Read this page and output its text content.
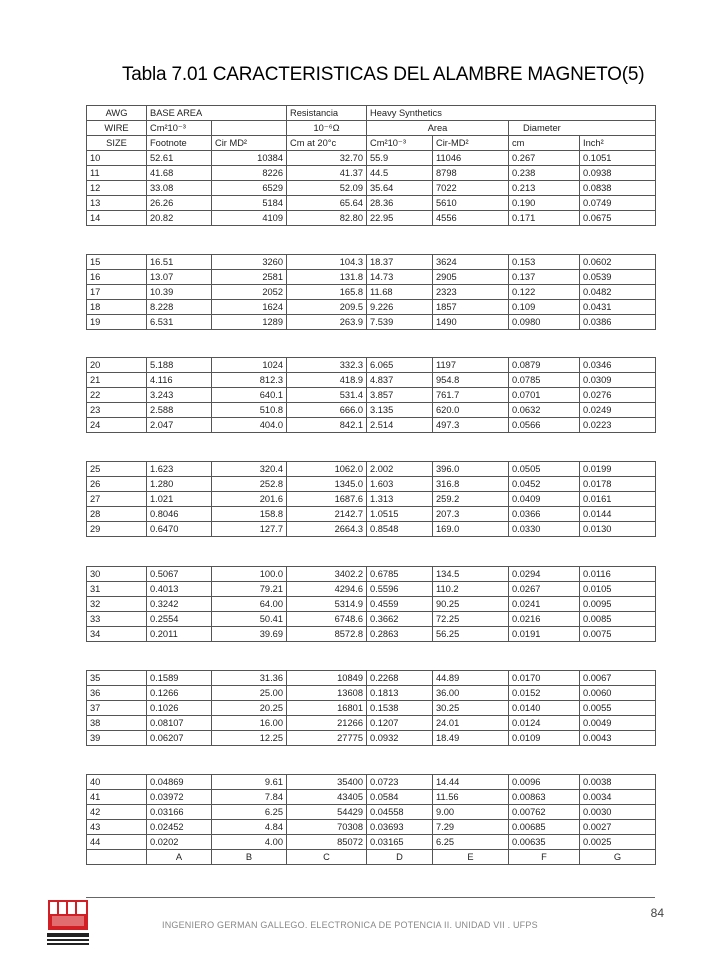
Tabla 7.01 CARACTERISTICAS DEL ALAMBRE MAGNETO(5)
AWG	BASE AREA		Resistancia	Heavy Synthetics			
WIRE	Cm²10⁻³		10⁻⁶Ω	Area		Diameter	
SIZE	Footnote	Cir MD²	Cm at 20°c	Cm²10⁻³	Cir-MD²	cm	Inch²
10	52.61	10384	32.70	55.9	11046	0.267	0.1051
11	41.68	8226	41.37	44.5	8798	0.238	0.0938
12	33.08	6529	52.09	35.64	7022	0.213	0.0838
13	26.26	5184	65.64	28.36	5610	0.190	0.0749
14	20.82	4109	82.80	22.95	4556	0.171	0.0675
15	16.51	3260	104.3	18.37	3624	0.153	0.0602
16	13.07	2581	131.8	14.73	2905	0.137	0.0539
17	10.39	2052	165.8	11.68	2323	0.122	0.0482
18	8.228	1624	209.5	9.226	1857	0.109	0.0431
19	6.531	1289	263.9	7.539	1490	0.0980	0.0386
20	5.188	1024	332.3	6.065	1197	0.0879	0.0346
21	4.116	812.3	418.9	4.837	954.8	0.0785	0.0309
22	3.243	640.1	531.4	3.857	761.7	0.0701	0.0276
23	2.588	510.8	666.0	3.135	620.0	0.0632	0.0249
24	2.047	404.0	842.1	2.514	497.3	0.0566	0.0223
25	1.623	320.4	1062.0	2.002	396.0	0.0505	0.0199
26	1.280	252.8	1345.0	1.603	316.8	0.0452	0.0178
27	1.021	201.6	1687.6	1.313	259.2	0.0409	0.0161
28	0.8046	158.8	2142.7	1.0515	207.3	0.0366	0.0144
29	0.6470	127.7	2664.3	0.8548	169.0	0.0330	0.0130
30	0.5067	100.0	3402.2	0.6785	134.5	0.0294	0.0116
31	0.4013	79.21	4294.6	0.5596	110.2	0.0267	0.0105
32	0.3242	64.00	5314.9	0.4559	90.25	0.0241	0.0095
33	0.2554	50.41	6748.6	0.3662	72.25	0.0216	0.0085
34	0.2011	39.69	8572.8	0.2863	56.25	0.0191	0.0075
35	0.1589	31.36	10849	0.2268	44.89	0.0170	0.0067
36	0.1266	25.00	13608	0.1813	36.00	0.0152	0.0060
37	0.1026	20.25	16801	0.1538	30.25	0.0140	0.0055
38	0.08107	16.00	21266	0.1207	24.01	0.0124	0.0049
39	0.06207	12.25	27775	0.0932	18.49	0.0109	0.0043
40	0.04869	9.61	35400	0.0723	14.44	0.0096	0.0038
41	0.03972	7.84	43405	0.0584	11.56	0.00863	0.0034
42	0.03166	6.25	54429	0.04558	9.00	0.00762	0.0030
43	0.02452	4.84	70308	0.03693	7.29	0.00685	0.0027
44	0.0202	4.00	85072	0.03165	6.25	0.00635	0.0025
	A	B	C	D	E	F	G
84
INGENIERO GERMAN GALLEGO. ELECTRONICA DE POTENCIA II. UNIDAD VII . UFPS
